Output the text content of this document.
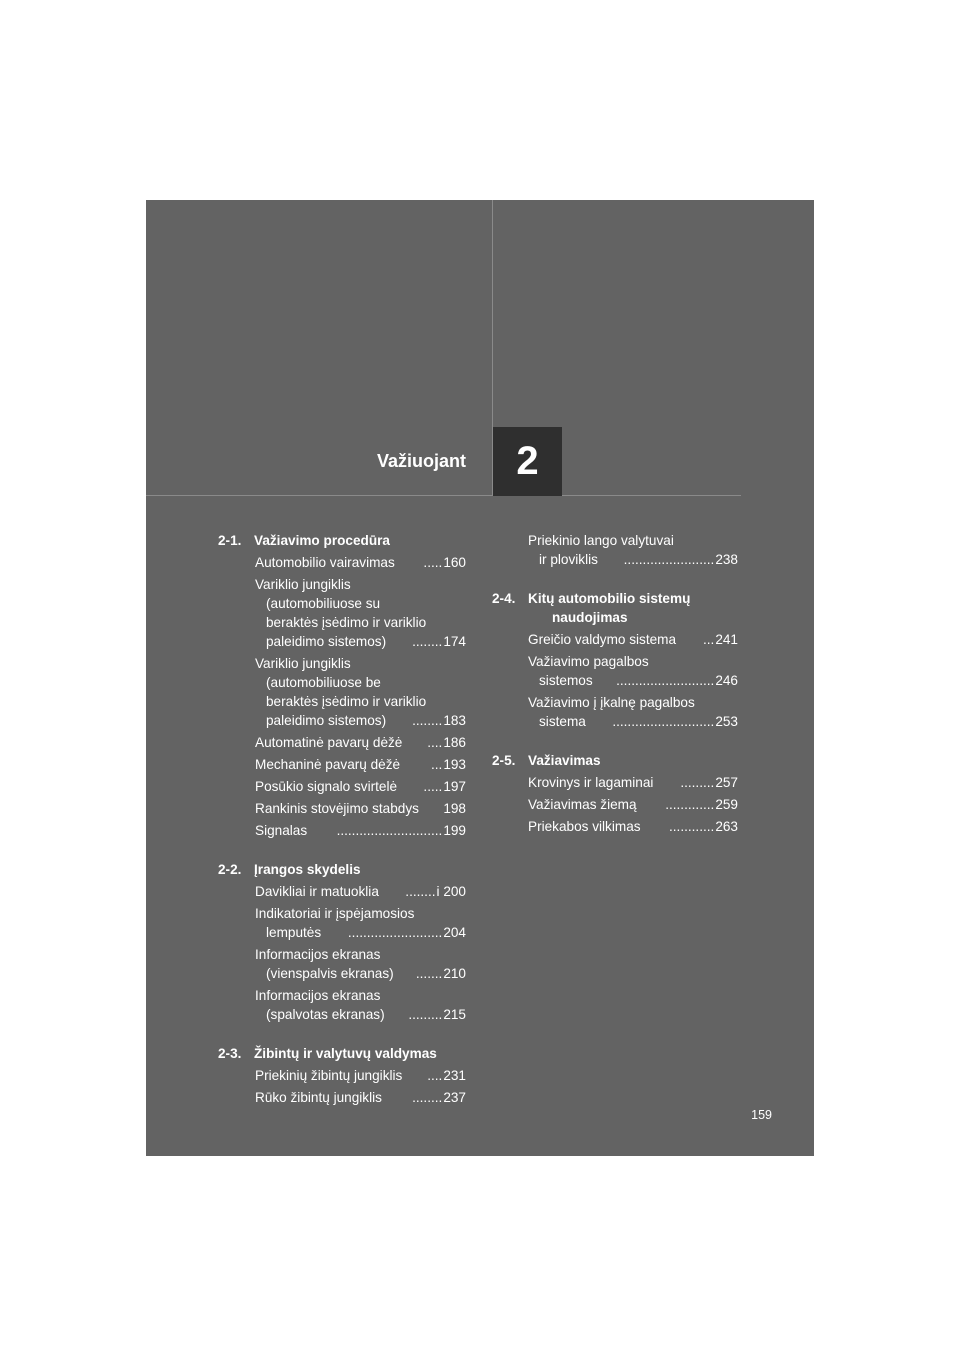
Važiuojant 2
2-1. Važiavimo procedūra
Automobilio vairavimas	..... 160
Variklio jungiklis
(automobiliuose su
beraktės įsėdimo ir variklio
paleidimo sistemos)	........ 174
Variklio jungiklis
(automobiliuose be
beraktės įsėdimo ir variklio
paleidimo sistemos)	........ 183
Automatinė pavarų dėžė	.... 186
Mechaninė pavarų dėžė	... 193
Posūkio signalo svirtelė	..... 197
Rankinis stovėjimo stabdys 198
Signalas	............................ 199
2-2. Įrangos skydelis
Davikliai ir matuoklia	........ i 200
Indikatoriai ir įspėjamosios
lemputės	......................... 204
Informacijos ekranas
(vienspalvis ekranas)	....... 210
Informacijos ekranas
(spalvotas ekranas)	......... 215
2-3. Žibintų ir valytuvų valdymas
Priekinių žibintų jungiklis	.... 231
Rūko žibintų jungiklis	........ 237
Priekinio lango valytuvai
ir ploviklis	........................ 238
2-4. Kitų automobilio sistemų naudojimas
Greičio valdymo sistema	... 241
Važiavimo pagalbos
sistemos	.......................... 246
Važiavimo į įkalnę pagalbos
sistema	........................... 253
2-5. Važiavimas
Krovinys ir lagaminai	......... 257
Važiavimas žiemą	............. 259
Priekabos vilkimas	............ 263
159
